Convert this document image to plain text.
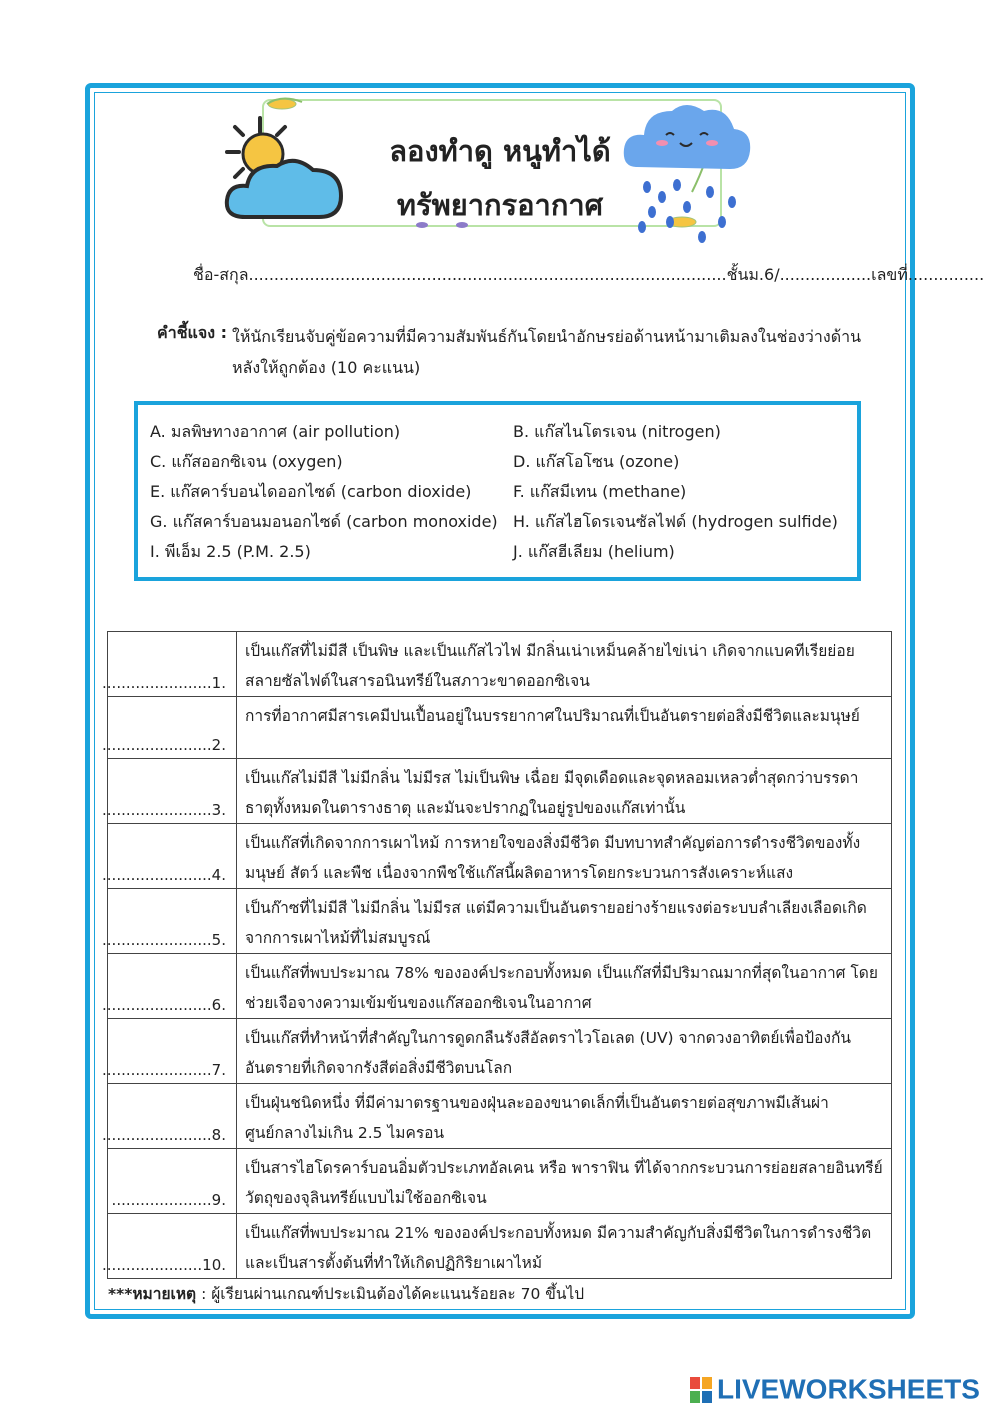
ลองทำดู หนูทำได้
ทรัพยากรอากาศ
ชื่อ-สกุล..............................................................................................ชั้นม.6/..................เลขที่...............
คำชี้แจง : ให้นักเรียนจับคู่ข้อความที่มีความสัมพันธ์กันโดยนำอักษรย่อด้านหน้ามาเติมลงในช่องว่างด้านหลังให้ถูกต้อง (10 คะแนน)
A. มลพิษทางอากาศ (air pollution)	B. แก๊สไนโตรเจน (nitrogen)
C. แก๊สออกซิเจน (oxygen)	D. แก๊สโอโซน (ozone)
E. แก๊สคาร์บอนไดออกไซด์ (carbon dioxide)	F. แก๊สมีเทน (methane)
G. แก๊สคาร์บอนมอนอกไซด์ (carbon monoxide) H. แก๊สไฮโดรเจนซัลไฟด์ (hydrogen sulfide)
I. พีเอ็ม 2.5 (P.M. 2.5)	J. แก๊สฮีเลียม (helium)
.......................1.	เป็นแก๊สที่ไม่มีสี เป็นพิษ และเป็นแก๊สไวไฟ มีกลิ่นเน่าเหม็นคล้ายไข่เน่า เกิดจากแบคทีเรียย่อยสลายซัลไฟต์ในสารอนินทรีย์ในสภาวะขาดออกซิเจน

.......................2.	การที่อากาศมีสารเคมีปนเปื้อนอยู่ในบรรยากาศในปริมาณที่เป็นอันตรายต่อสิ่งมีชีวิตและมนุษย์

.......................3.	เป็นแก๊สไม่มีสี ไม่มีกลิ่น ไม่มีรส ไม่เป็นพิษ เฉื่อย มีจุดเดือดและจุดหลอมเหลวต่ำสุดกว่าบรรดาธาตุทั้งหมดในตารางธาตุ และมันจะปรากฏในอยู่รูปของแก๊สเท่านั้น

.......................4.	เป็นแก๊สที่เกิดจากการเผาไหม้ การหายใจของสิ่งมีชีวิต มีบทบาทสำคัญต่อการดำรงชีวิตของทั้งมนุษย์ สัตว์ และพืช เนื่องจากพืชใช้แก๊สนี้ผลิตอาหารโดยกระบวนการสังเคราะห์แสง

.......................5.	เป็นก๊าซที่ไม่มีสี ไม่มีกลิ่น ไม่มีรส แต่มีความเป็นอันตรายอย่างร้ายแรงต่อระบบลำเลียงเลือดเกิดจากการเผาไหม้ที่ไม่สมบูรณ์

.......................6.	เป็นแก๊สที่พบประมาณ 78% ขององค์ประกอบทั้งหมด เป็นแก๊สที่มีปริมาณมากที่สุดในอากาศ โดยช่วยเจือจางความเข้มข้นของแก๊สออกซิเจนในอากาศ

.......................7.	เป็นแก๊สที่ทำหน้าที่สำคัญในการดูดกลืนรังสีอัลตราไวโอเลต (UV) จากดวงอาทิตย์เพื่อป้องกันอันตรายที่เกิดจากรังสีต่อสิ่งมีชีวิตบนโลก

.......................8.	เป็นฝุ่นชนิดหนึ่ง ที่มีค่ามาตรฐานของฝุ่นละอองขนาดเล็กที่เป็นอันตรายต่อสุขภาพมีเส้นผ่าศูนย์กลางไม่เกิน 2.5 ไมครอน

.....................9.	เป็นสารไฮโดรคาร์บอนอิ่มตัวประเภทอัลเคน หรือ พาราฟิน ที่ได้จากกระบวนการย่อยสลายอินทรีย์วัตถุของจุลินทรีย์แบบไม่ใช้ออกซิเจน

.....................10.	เป็นแก๊สที่พบประมาณ 21% ขององค์ประกอบทั้งหมด มีความสำคัญกับสิ่งมีชีวิตในการดำรงชีวิต และเป็นสารตั้งต้นที่ทำให้เกิดปฏิกิริยาเผาไหม้
***หมายเหตุ : ผู้เรียนผ่านเกณฑ์ประเมินต้องได้คะแนนร้อยละ 70 ขึ้นไป
LIVEWORKSHEETS
